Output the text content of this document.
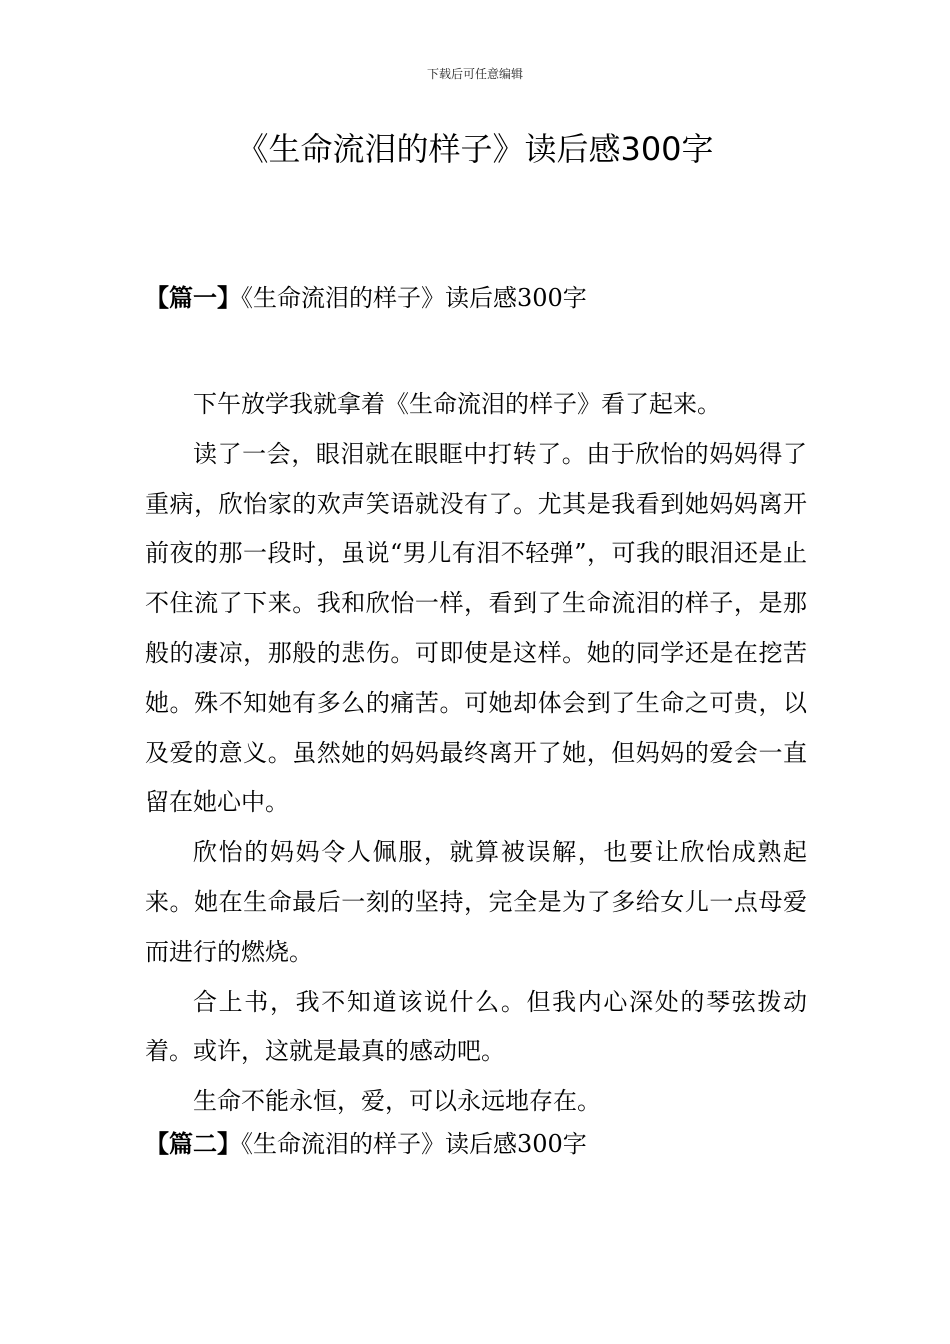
下载后可任意编辑
《生命流泪的样子》读后感300字
【篇一】《生命流泪的样子》读后感300字

下午放学我就拿着《生命流泪的样子》看了起来。

读了一会，眼泪就在眼眶中打转了。由于欣怡的妈妈得了重病，欣怡家的欢声笑语就没有了。尤其是我看到她妈妈离开前夜的那一段时，虽说“男儿有泪不轻弹”，可我的眼泪还是止不住流了下来。我和欣怡一样，看到了生命流泪的样子，是那般的凄凉，那般的悲伤。可即使是这样。她的同学还是在挖苦她。殊不知她有多么的痛苦。可她却体会到了生命之可贵，以及爱的意义。虽然她的妈妈最终离开了她，但妈妈的爱会一直留在她心中。

欣怡的妈妈令人佩服，就算被误解，也要让欣怡成熟起来。她在生命最后一刻的坚持，完全是为了多给女儿一点母爱而进行的燃烧。

合上书，我不知道该说什么。但我内心深处的琴弦拨动着。或许，这就是最真的感动吧。

生命不能永恒，爱，可以永远地存在。

【篇二】《生命流泪的样子》读后感300字
